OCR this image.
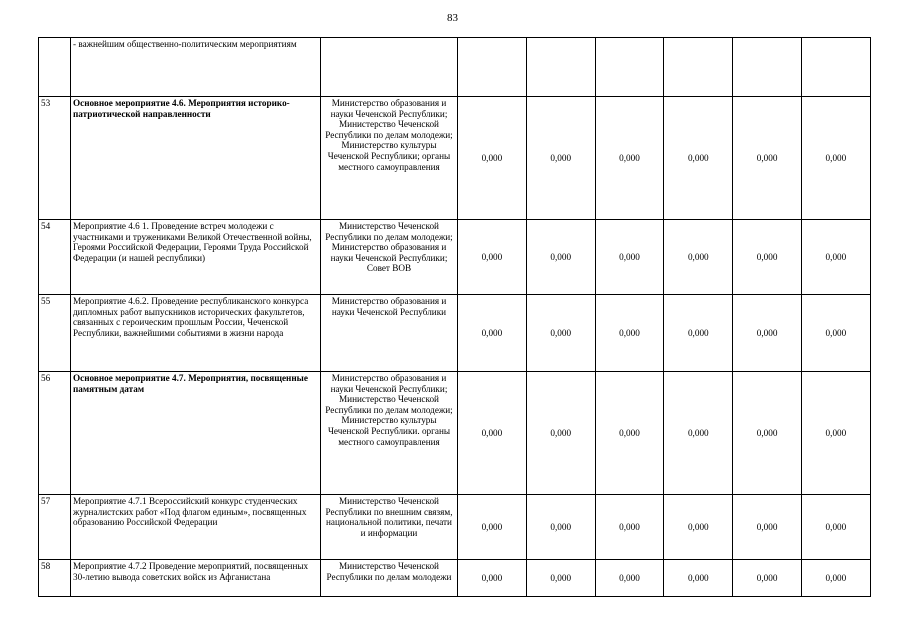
83
	- важнейшим общественно-политическим мероприятиям							
53	Основное мероприятие 4.6. Мероприятия историко-патриотической направленности	Министерство образования и науки Чеченской Республики; Министерство Чеченской Республики по делам молодежи; Министерство культуры Чеченской Республики; органы местного самоуправления	0,000	0,000	0,000	0,000	0,000	0,000
54	Мероприятие 4.6 1. Проведение встреч молодежи с участниками и тружениками Великой Отечественной войны, Героями Российской Федерации, Героями Труда Российской Федерации (и нашей республики)	Министерство Чеченской Республики по делам молодежи; Министерство образования и науки Чеченской Республики; Совет ВОВ	0,000	0,000	0,000	0,000	0,000	0,000
55	Мероприятие 4.6.2. Проведение республиканского конкурса дипломных работ выпускников исторических факультетов, связанных с героическим прошлым России, Чеченской Республики, важнейшими событиями в жизни народа	Министерство образования и науки Чеченской Республики	0,000	0,000	0,000	0,000	0,000	0,000
56	Основное мероприятие 4.7. Мероприятия, посвященные памятным датам	Министерство образования и науки Чеченской Республики; Министерство Чеченской Республики по делам молодежи; Министерство культуры Чеченской Республики. органы местного самоуправления	0,000	0,000	0,000	0,000	0,000	0,000
57	Мероприятие 4.7.1 Всероссийский конкурс студенческих журналистских работ «Под флагом единым», посвященных образованию Российской Федерации	Министерство Чеченской Республики по внешним связям, национальной политики, печати и информации	0,000	0,000	0,000	0,000	0,000	0,000
58	Мероприятие 4.7.2 Проведение мероприятий, посвященных 30-летию вывода советских войск из Афганистана	Министерство Чеченской Республики по делам молодежи	0,000	0,000	0,000	0,000	0,000	0,000
